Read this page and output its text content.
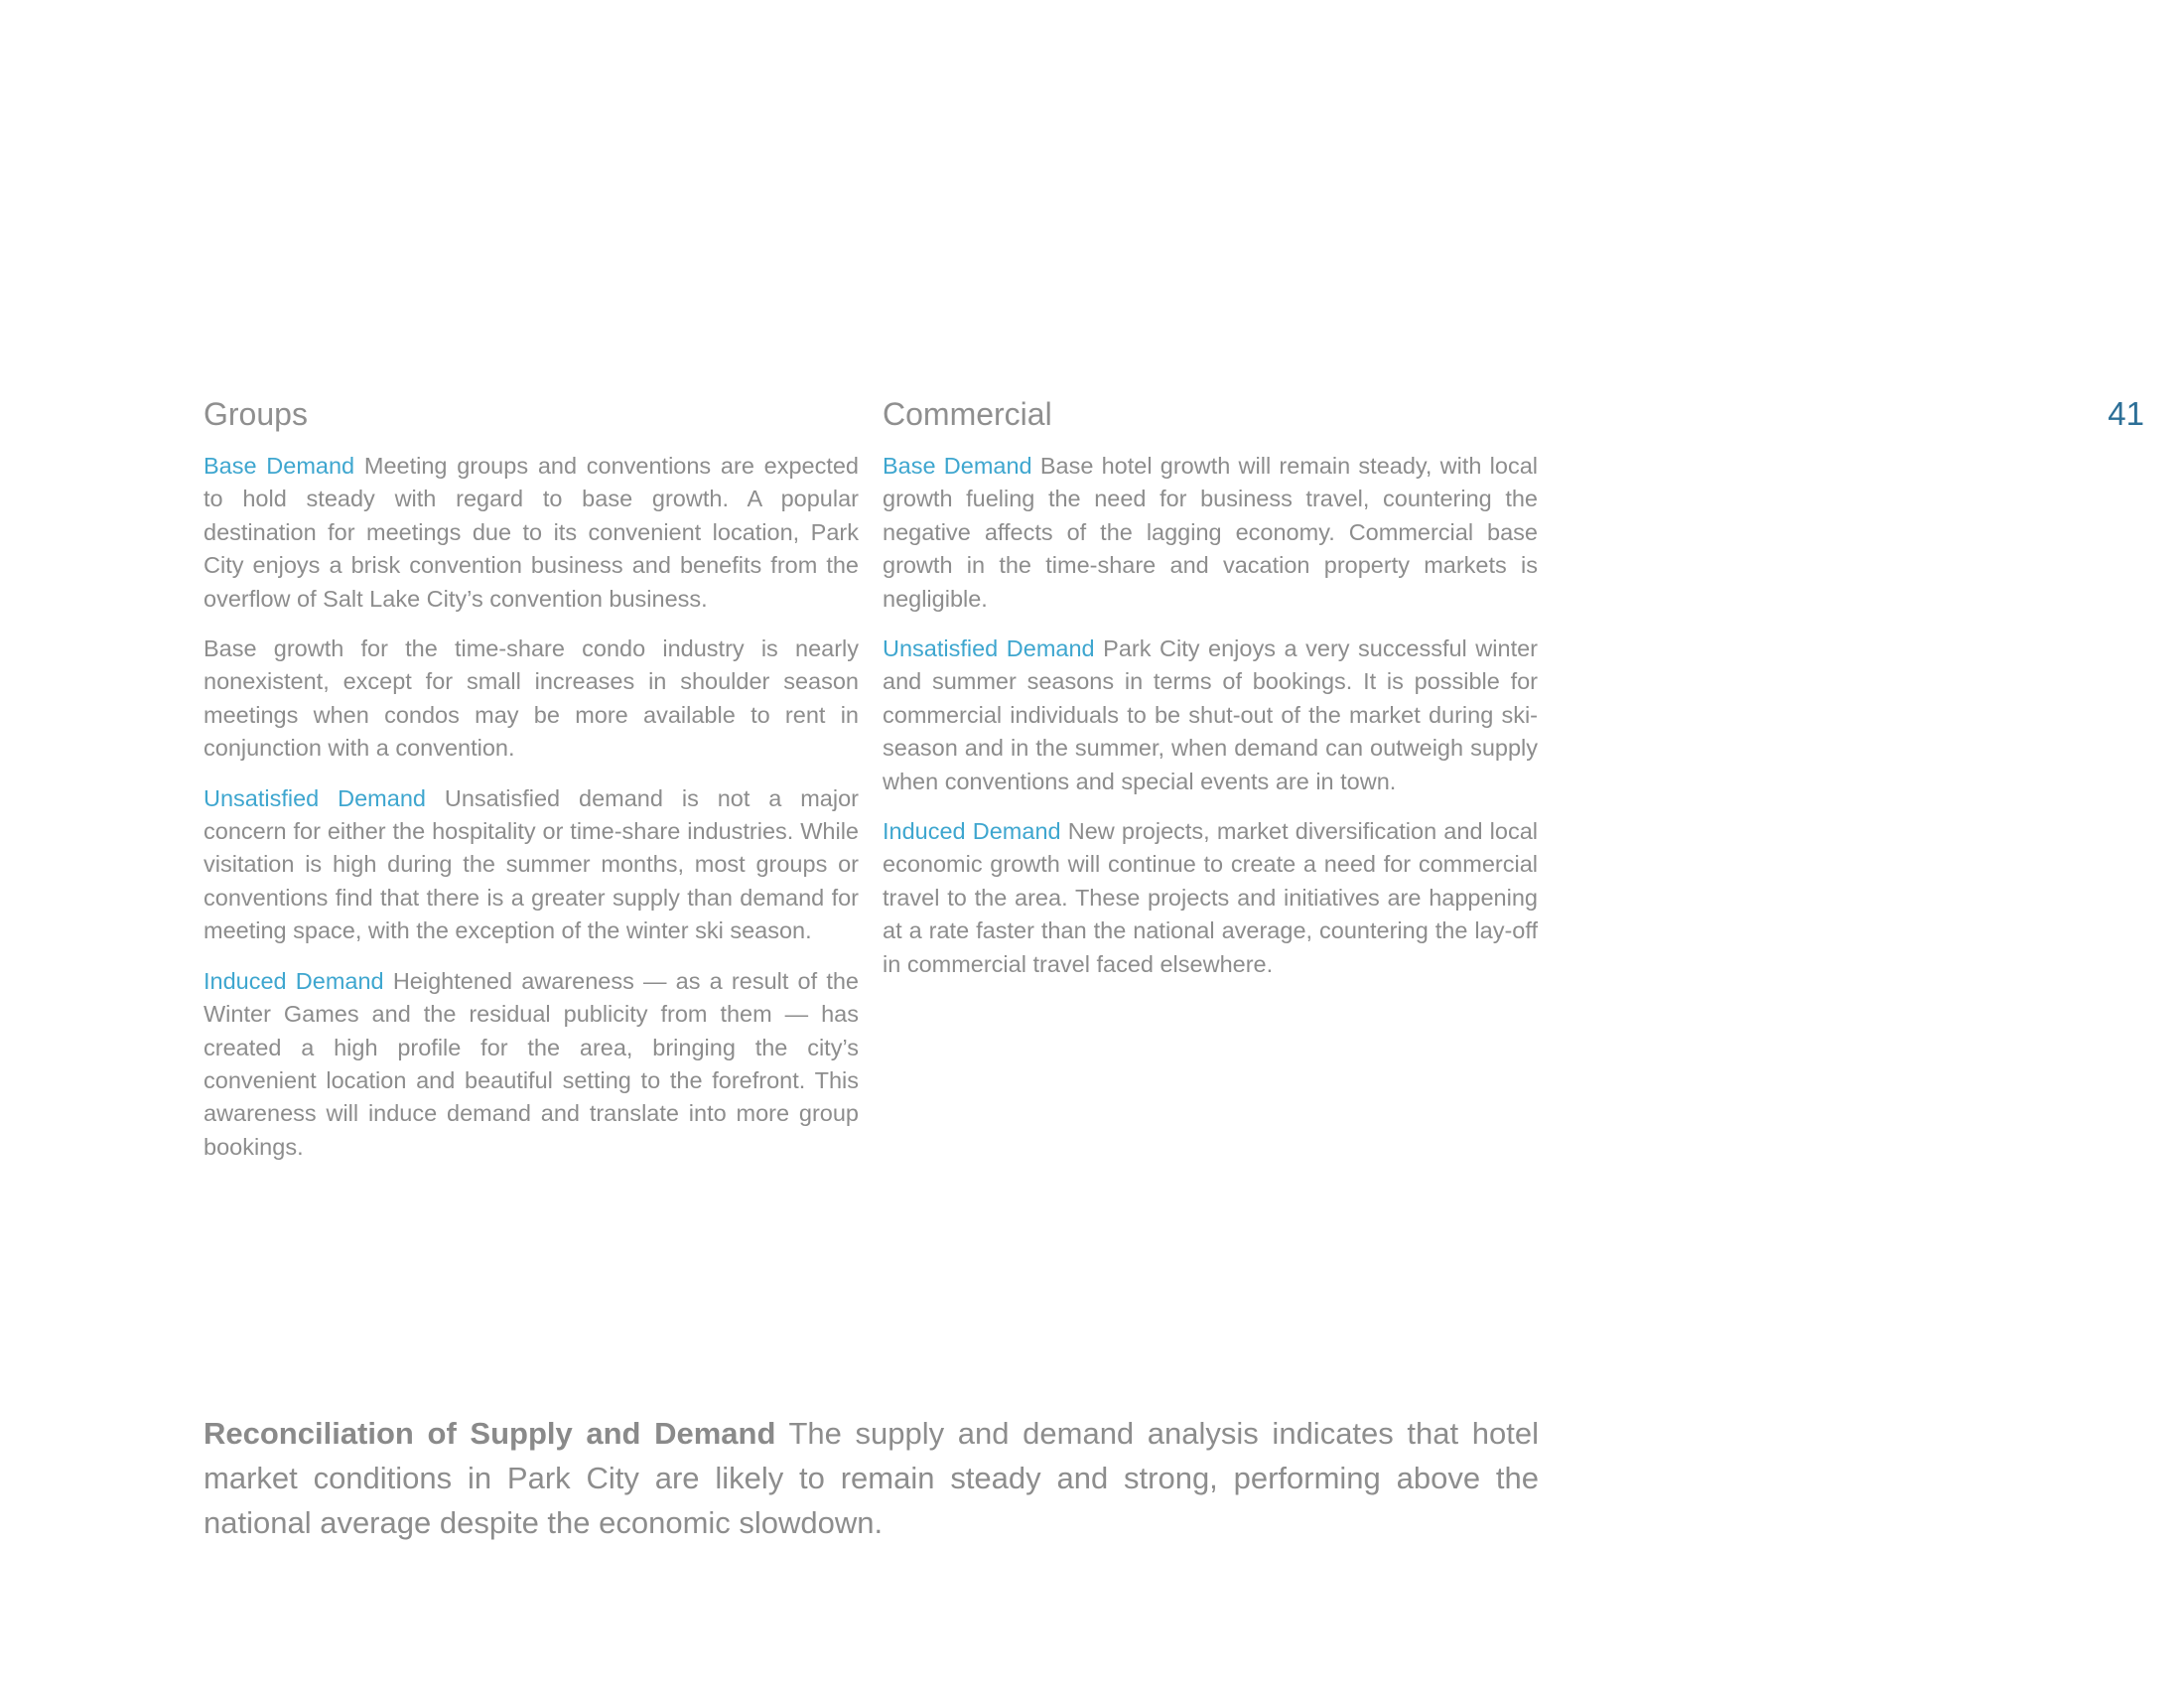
41
Groups

Base Demand Meeting groups and conventions are expected to hold steady with regard to base growth. A popular destination for meetings due to its convenient location, Park City enjoys a brisk convention business and benefits from the overflow of Salt Lake City’s convention business.

Base growth for the time-share condo industry is nearly nonexistent, except for small increases in shoulder season meetings when condos may be more available to rent in conjunction with a convention.

Unsatisfied Demand Unsatisfied demand is not a major concern for either the hospitality or time-share industries. While visitation is high during the summer months, most groups or conventions find that there is a greater supply than demand for meeting space, with the exception of the winter ski season.

Induced Demand Heightened awareness — as a result of the Winter Games and the residual publicity from them — has created a high profile for the area, bringing the city’s convenient location and beautiful setting to the forefront. This awareness will induce demand and translate into more group bookings.

Commercial

Base Demand Base hotel growth will remain steady, with local growth fueling the need for business travel, countering the negative affects of the lagging economy. Commercial base growth in the time-share and vacation property markets is negligible.

Unsatisfied Demand Park City enjoys a very successful winter and summer seasons in terms of bookings. It is possible for commercial individuals to be shut-out of the market during ski-season and in the summer, when demand can outweigh supply when conventions and special events are in town.

Induced Demand New projects, market diversification and local economic growth will continue to create a need for commercial travel to the area. These projects and initiatives are happening at a rate faster than the national average, countering the lay-off in commercial travel faced elsewhere.

Reconciliation of Supply and Demand The supply and demand analysis indicates that hotel market conditions in Park City are likely to remain steady and strong, performing above the national average despite the economic slowdown.
